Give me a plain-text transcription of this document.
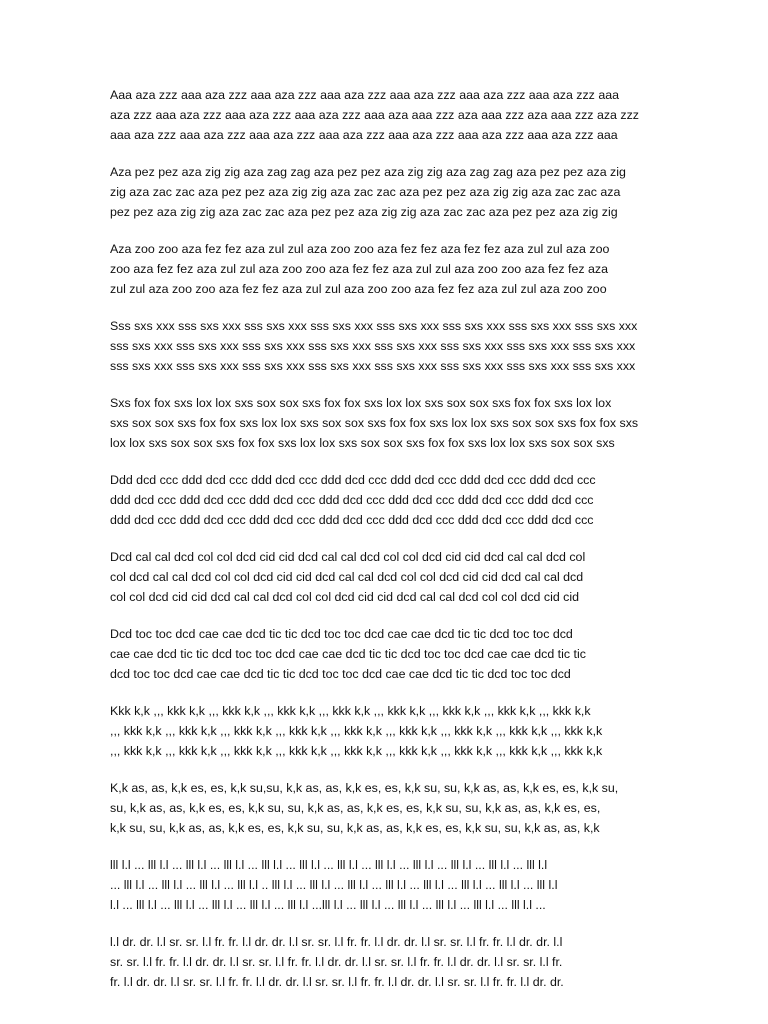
Aaa aza zzz aaa aza zzz aaa aza zzz aaa aza zzz aaa aza zzz aaa aza zzz aaa aza zzz aaa
aza zzz aaa aza zzz aaa aza zzz aaa aza zzz aaa aza aaa zzz aza aaa zzz aza aaa zzz aza zzz
aaa aza zzz aaa aza zzz aaa aza zzz aaa aza zzz aaa aza zzz aaa aza zzz aaa aza zzz aaa

Aza pez pez aza zig zig aza zag zag aza pez pez aza zig zig aza zag zag aza pez pez aza zig
zig aza zac zac aza pez pez aza zig zig aza zac zac aza pez pez aza zig zig aza zac zac aza
pez pez aza zig zig aza zac zac aza pez pez aza zig zig aza zac zac aza pez pez aza zig zig

Aza zoo zoo aza fez fez aza zul zul aza zoo zoo aza fez fez aza fez fez aza zul zul aza zoo
zoo aza fez fez aza zul zul aza zoo zoo aza fez fez aza zul zul aza zoo zoo aza fez fez aza
zul zul aza zoo zoo aza fez fez aza zul zul aza zoo zoo aza fez fez aza zul zul aza zoo zoo

Sss sxs xxx sss sxs xxx sss sxs xxx sss sxs xxx sss sxs xxx sss sxs xxx sss sxs xxx sss sxs xxx
sss sxs xxx sss sxs xxx sss sxs xxx sss sxs xxx sss sxs xxx sss sxs xxx sss sxs xxx sss sxs xxx
sss sxs xxx sss sxs xxx sss sxs xxx sss sxs xxx sss sxs xxx sss sxs xxx sss sxs xxx sss sxs xxx

Sxs fox fox sxs lox lox sxs sox sox sxs fox fox sxs lox lox sxs sox sox sxs fox fox sxs lox lox
sxs sox sox sxs fox fox sxs lox lox sxs sox sox sxs fox fox sxs lox lox sxs sox sox sxs fox fox sxs
lox lox sxs sox sox sxs fox fox sxs lox lox sxs sox sox sxs fox fox sxs lox lox sxs sox sox sxs

Ddd dcd ccc ddd dcd ccc ddd dcd ccc ddd dcd ccc ddd dcd ccc ddd dcd ccc ddd dcd ccc
ddd dcd ccc ddd dcd ccc ddd dcd ccc ddd dcd ccc ddd dcd ccc ddd dcd ccc ddd dcd ccc
ddd dcd ccc ddd dcd ccc ddd dcd ccc ddd dcd ccc ddd dcd ccc ddd dcd ccc ddd dcd ccc

Dcd cal cal dcd col col dcd cid cid dcd cal cal dcd col col dcd cid cid dcd cal cal dcd col
col dcd cal cal dcd col col dcd cid cid dcd cal cal dcd col col dcd cid cid dcd cal cal dcd
col col dcd cid cid dcd cal cal dcd col col dcd cid cid dcd cal cal dcd col col dcd cid cid

Dcd toc toc dcd cae cae dcd tic tic dcd toc toc dcd cae cae dcd tic tic dcd toc toc dcd
cae cae dcd tic tic dcd toc toc dcd cae cae dcd tic tic dcd toc toc dcd cae cae dcd tic tic
dcd toc toc dcd cae cae dcd tic tic dcd toc toc dcd cae cae dcd tic tic dcd toc toc dcd

Kkk k,k ,,, kkk k,k ,,, kkk k,k ,,, kkk k,k ,,, kkk k,k ,,, kkk k,k ,,, kkk k,k ,,, kkk k,k ,,, kkk k,k
,,, kkk k,k ,,, kkk k,k ,,, kkk k,k ,,, kkk k,k ,,, kkk k,k ,,, kkk k,k ,,, kkk k,k ,,, kkk k,k ,,, kkk k,k
,,, kkk k,k ,,, kkk k,k ,,, kkk k,k ,,, kkk k,k ,,, kkk k,k ,,, kkk k,k ,,, kkk k,k ,,, kkk k,k ,,, kkk k,k

K,k as, as, k,k es, es, k,k su,su, k,k as, as, k,k es, es, k,k su, su, k,k as, as, k,k es, es, k,k su,
su, k,k as, as, k,k es, es, k,k su, su, k,k as, as, k,k es, es, k,k su, su, k,k as, as, k,k es, es,
k,k su, su, k,k as, as, k,k es, es, k,k su, su, k,k as, as, k,k es, es, k,k su, su, k,k as, as, k,k

lll l.l ... lll l.l ... lll l.l ... lll l.l ... lll l.l ... lll l.l ... lll l.l ... lll l.l ... lll l.l ... lll l.l ... lll l.l ... lll l.l
... lll l.l ... lll l.l ... lll l.l ... lll l.l .. lll l.l ... lll l.l ... lll l.l ... lll l.l ... lll l.l ... lll l.l ... lll l.l ... lll l.l
l.l ... lll l.l ... lll l.l ... lll l.l ... lll l.l ... lll l.l ...lll l.l ... lll l.l ... lll l.l ... lll l.l ... lll l.l ... lll l.l ...

l.l dr. dr. l.l sr. sr. l.l fr. fr. l.l dr. dr. l.l sr. sr. l.l fr. fr. l.l dr. dr. l.l sr. sr. l.l fr. fr. l.l dr. dr. l.l
sr. sr. l.l fr. fr. l.l dr. dr. l.l sr. sr. l.l fr. fr. l.l dr. dr. l.l sr. sr. l.l fr. fr. l.l dr. dr. l.l sr. sr. l.l fr.
fr. l.l dr. dr. l.l sr. sr. l.l fr. fr. l.l dr. dr. l.l sr. sr. l.l fr. fr. l.l dr. dr. l.l sr. sr. l.l fr. fr. l.l dr. dr.
